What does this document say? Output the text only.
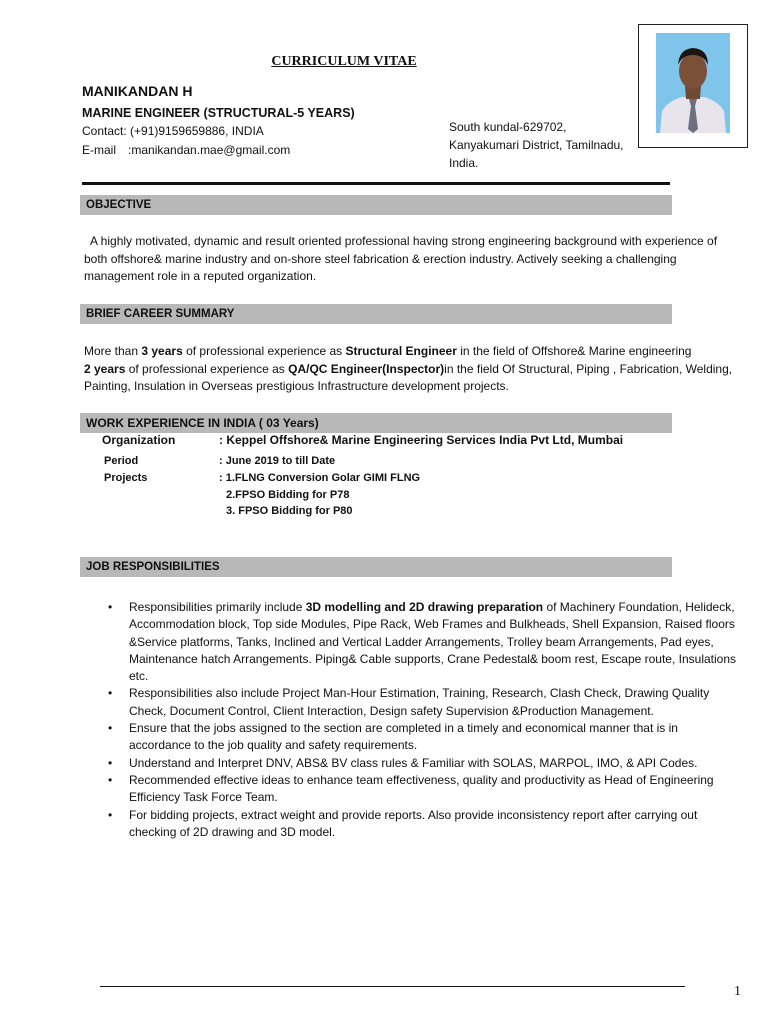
CURRICULUM VITAE
MANIKANDAN H
MARINE ENGINEER (STRUCTURAL-5 YEARS)
Contact: (+91)9159659886, INDIA
E-mail :manikandan.mae@gmail.com
South kundal-629702,
Kanyakumari District, Tamilnadu,
India.
OBJECTIVE
A highly motivated, dynamic and result oriented professional having strong engineering background with experience of both offshore& marine industry and on-shore steel fabrication & erection industry. Actively seeking a challenging management role in a reputed organization.
BRIEF CAREER SUMMARY
More than 3 years of professional experience as Structural Engineer in the field of Offshore& Marine engineering
2 years of professional experience as QA/QC Engineer(Inspector)in the field Of Structural, Piping , Fabrication, Welding, Painting, Insulation in Overseas prestigious Infrastructure development projects.
WORK EXPERIENCE IN INDIA ( 03 Years)
Organization	: Keppel Offshore& Marine Engineering Services India Pvt Ltd, Mumbai
Period	: June 2019 to till Date
Projects	: 1.FLNG Conversion Golar GIMI FLNG
2.FPSO Bidding for P78
3. FPSO Bidding for P80
JOB RESPONSIBILITIES
• Responsibilities primarily include 3D modelling and 2D drawing preparation of Machinery Foundation, Helideck, Accommodation block, Top side Modules, Pipe Rack, Web Frames and Bulkheads, Shell Expansion, Raised floors &Service platforms, Tanks, Inclined and Vertical Ladder Arrangements, Trolley beam Arrangements, Pad eyes, Maintenance hatch Arrangements. Piping& Cable supports, Crane Pedestal& boom rest, Escape route, Insulations etc.
• Responsibilities also include Project Man-Hour Estimation, Training, Research, Clash Check, Drawing Quality Check, Document Control, Client Interaction, Design safety Supervision &Production Management.
• Ensure that the jobs assigned to the section are completed in a timely and economical manner that is in accordance to the job quality and safety requirements.
• Understand and Interpret DNV, ABS& BV class rules & Familiar with SOLAS, MARPOL, IMO, & API Codes.
• Recommended effective ideas to enhance team effectiveness, quality and productivity as Head of Engineering Efficiency Task Force Team.
• For bidding projects, extract weight and provide reports. Also provide inconsistency report after carrying out checking of 2D drawing and 3D model.
1
